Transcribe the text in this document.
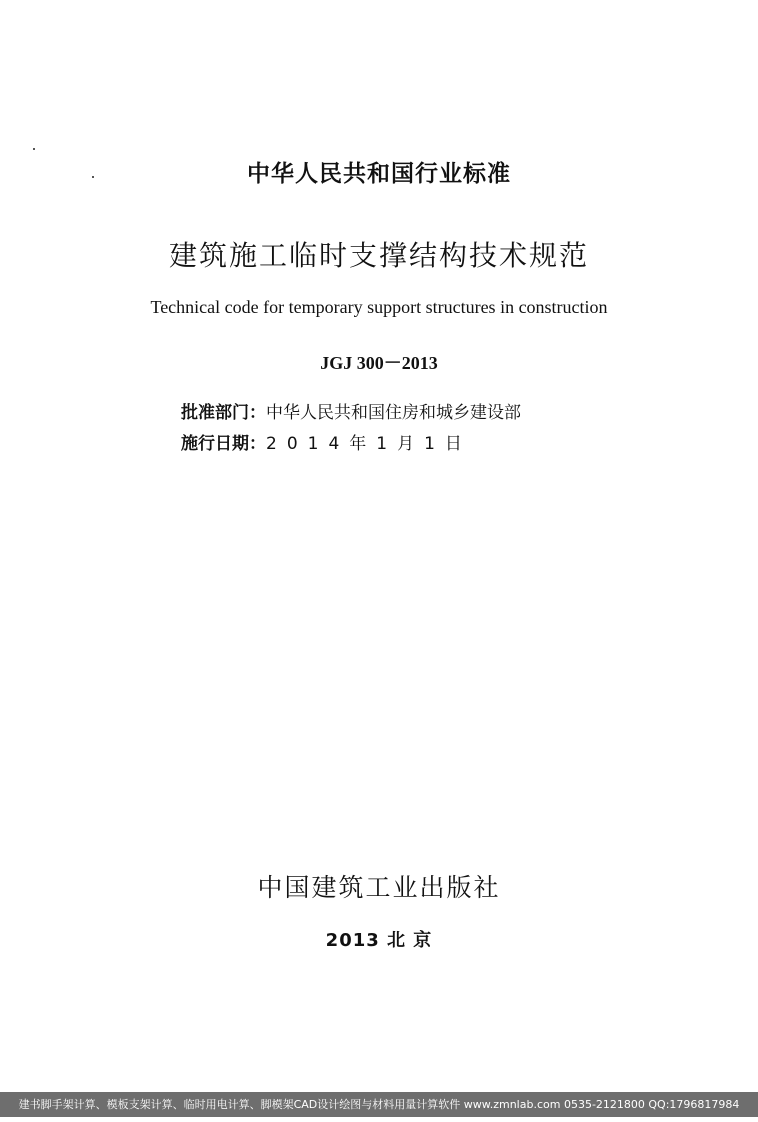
中华人民共和国行业标准
建筑施工临时支撑结构技术规范
Technical code for temporary support structures in construction
JGJ 300－2013
批准部门：中华人民共和国住房和城乡建设部
施行日期：2014年1月1日
中国建筑工业出版社
2013 北 京
建书脚手架计算、模板支架计算、临时用电计算、脚模架CAD设计绘图与材料用量计算软件 www.zmnlab.com 0535-2121800 QQ:1796817984
